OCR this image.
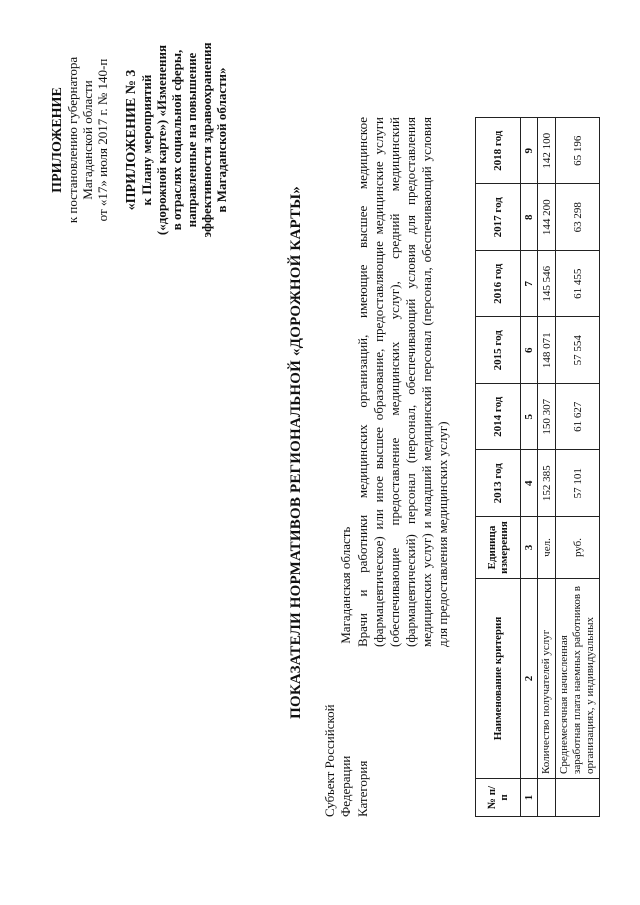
ПРИЛОЖЕНИЕ к постановлению губернатора Магаданской области от «17» июля 2017 г. № 140-п «ПРИЛОЖЕНИЕ № 3 к Плану мероприятий («дорожной карте») «Изменения в отраслях социальной сферы, направленные на повышение эффективности здравоохранения в Магаданской области»
ПОКАЗАТЕЛИ НОРМАТИВОВ РЕГИОНАЛЬНОЙ «ДОРОЖНОЙ КАРТЫ»
Субъект Российской Федерации Магаданская область
Категория
Врачи и работники медицинских организаций, имеющие высшее медицинское (фармацевтическое) или иное высшее образование, предоставляющие медицинские услуги (обеспечивающие предоставление медицинских услуг), средний медицинский (фармацевтический) персонал (персонал, обеспечивающий условия для предоставления медицинских услуг) и младший медицинский персонал (персонал, обеспечивающий условия для предоставления медицинских услуг)
№ п/п	Наименование критерия	Единица измерения	2013 год	2014 год	2015 год	2016 год	2017 год	2018 год
1	2	3	4	5	6	7	8	9
	Количество получателей услуг	чел.	152 385	150 307	148 071	145 546	144 200	142 100
	Среднемесячная начисленная заработная плата наемных работников в организациях, у индивидуальных	руб.	57 101	61 627	57 554	61 455	63 298	65 196
